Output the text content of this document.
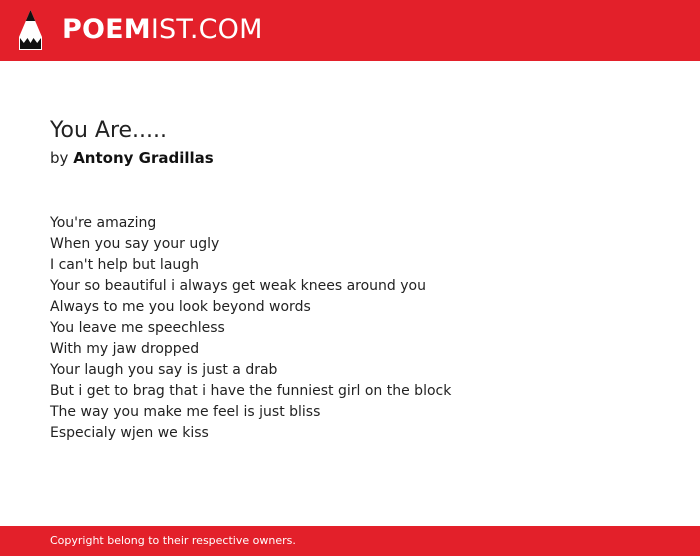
POEMIST.COM
You Are.....
by Antony Gradillas
You're amazing
When you say your ugly
I can't help but laugh
Your so beautiful i always get weak knees around you
Always to me you look beyond words
You leave me speechless
With my jaw dropped
Your laugh you say is just a drab
But i get to brag that i have the funniest girl on the block
The way you make me feel is just bliss
Especialy wjen we kiss
Copyright belong to their respective owners.
